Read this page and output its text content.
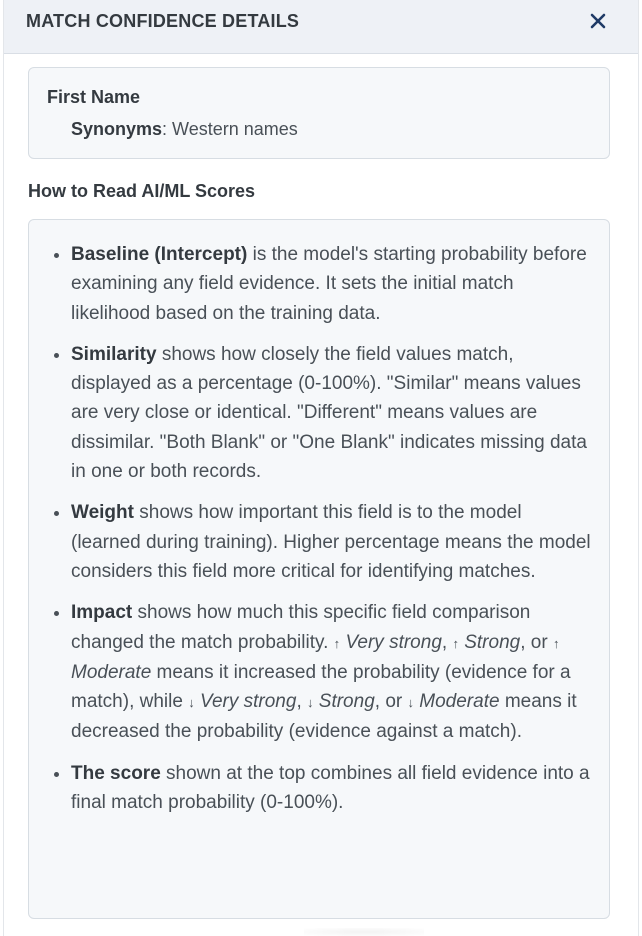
MATCH CONFIDENCE DETAILS
First Name
Synonyms: Western names
How to Read AI/ML Scores
• Baseline (Intercept) is the model's starting probability before examining any field evidence. It sets the initial match likelihood based on the training data.
• Similarity shows how closely the field values match, displayed as a percentage (0-100%). "Similar" means values are very close or identical. "Different" means values are dissimilar. "Both Blank" or "One Blank" indicates missing data in one or both records.
• Weight shows how important this field is to the model (learned during training). Higher percentage means the model considers this field more critical for identifying matches.
• Impact shows how much this specific field comparison changed the match probability. ↑ Very strong, ↑ Strong, or ↑ Moderate means it increased the probability (evidence for a match), while ↓ Very strong, ↓ Strong, or ↓ Moderate means it decreased the probability (evidence against a match).
• The score shown at the top combines all field evidence into a final match probability (0-100%).
